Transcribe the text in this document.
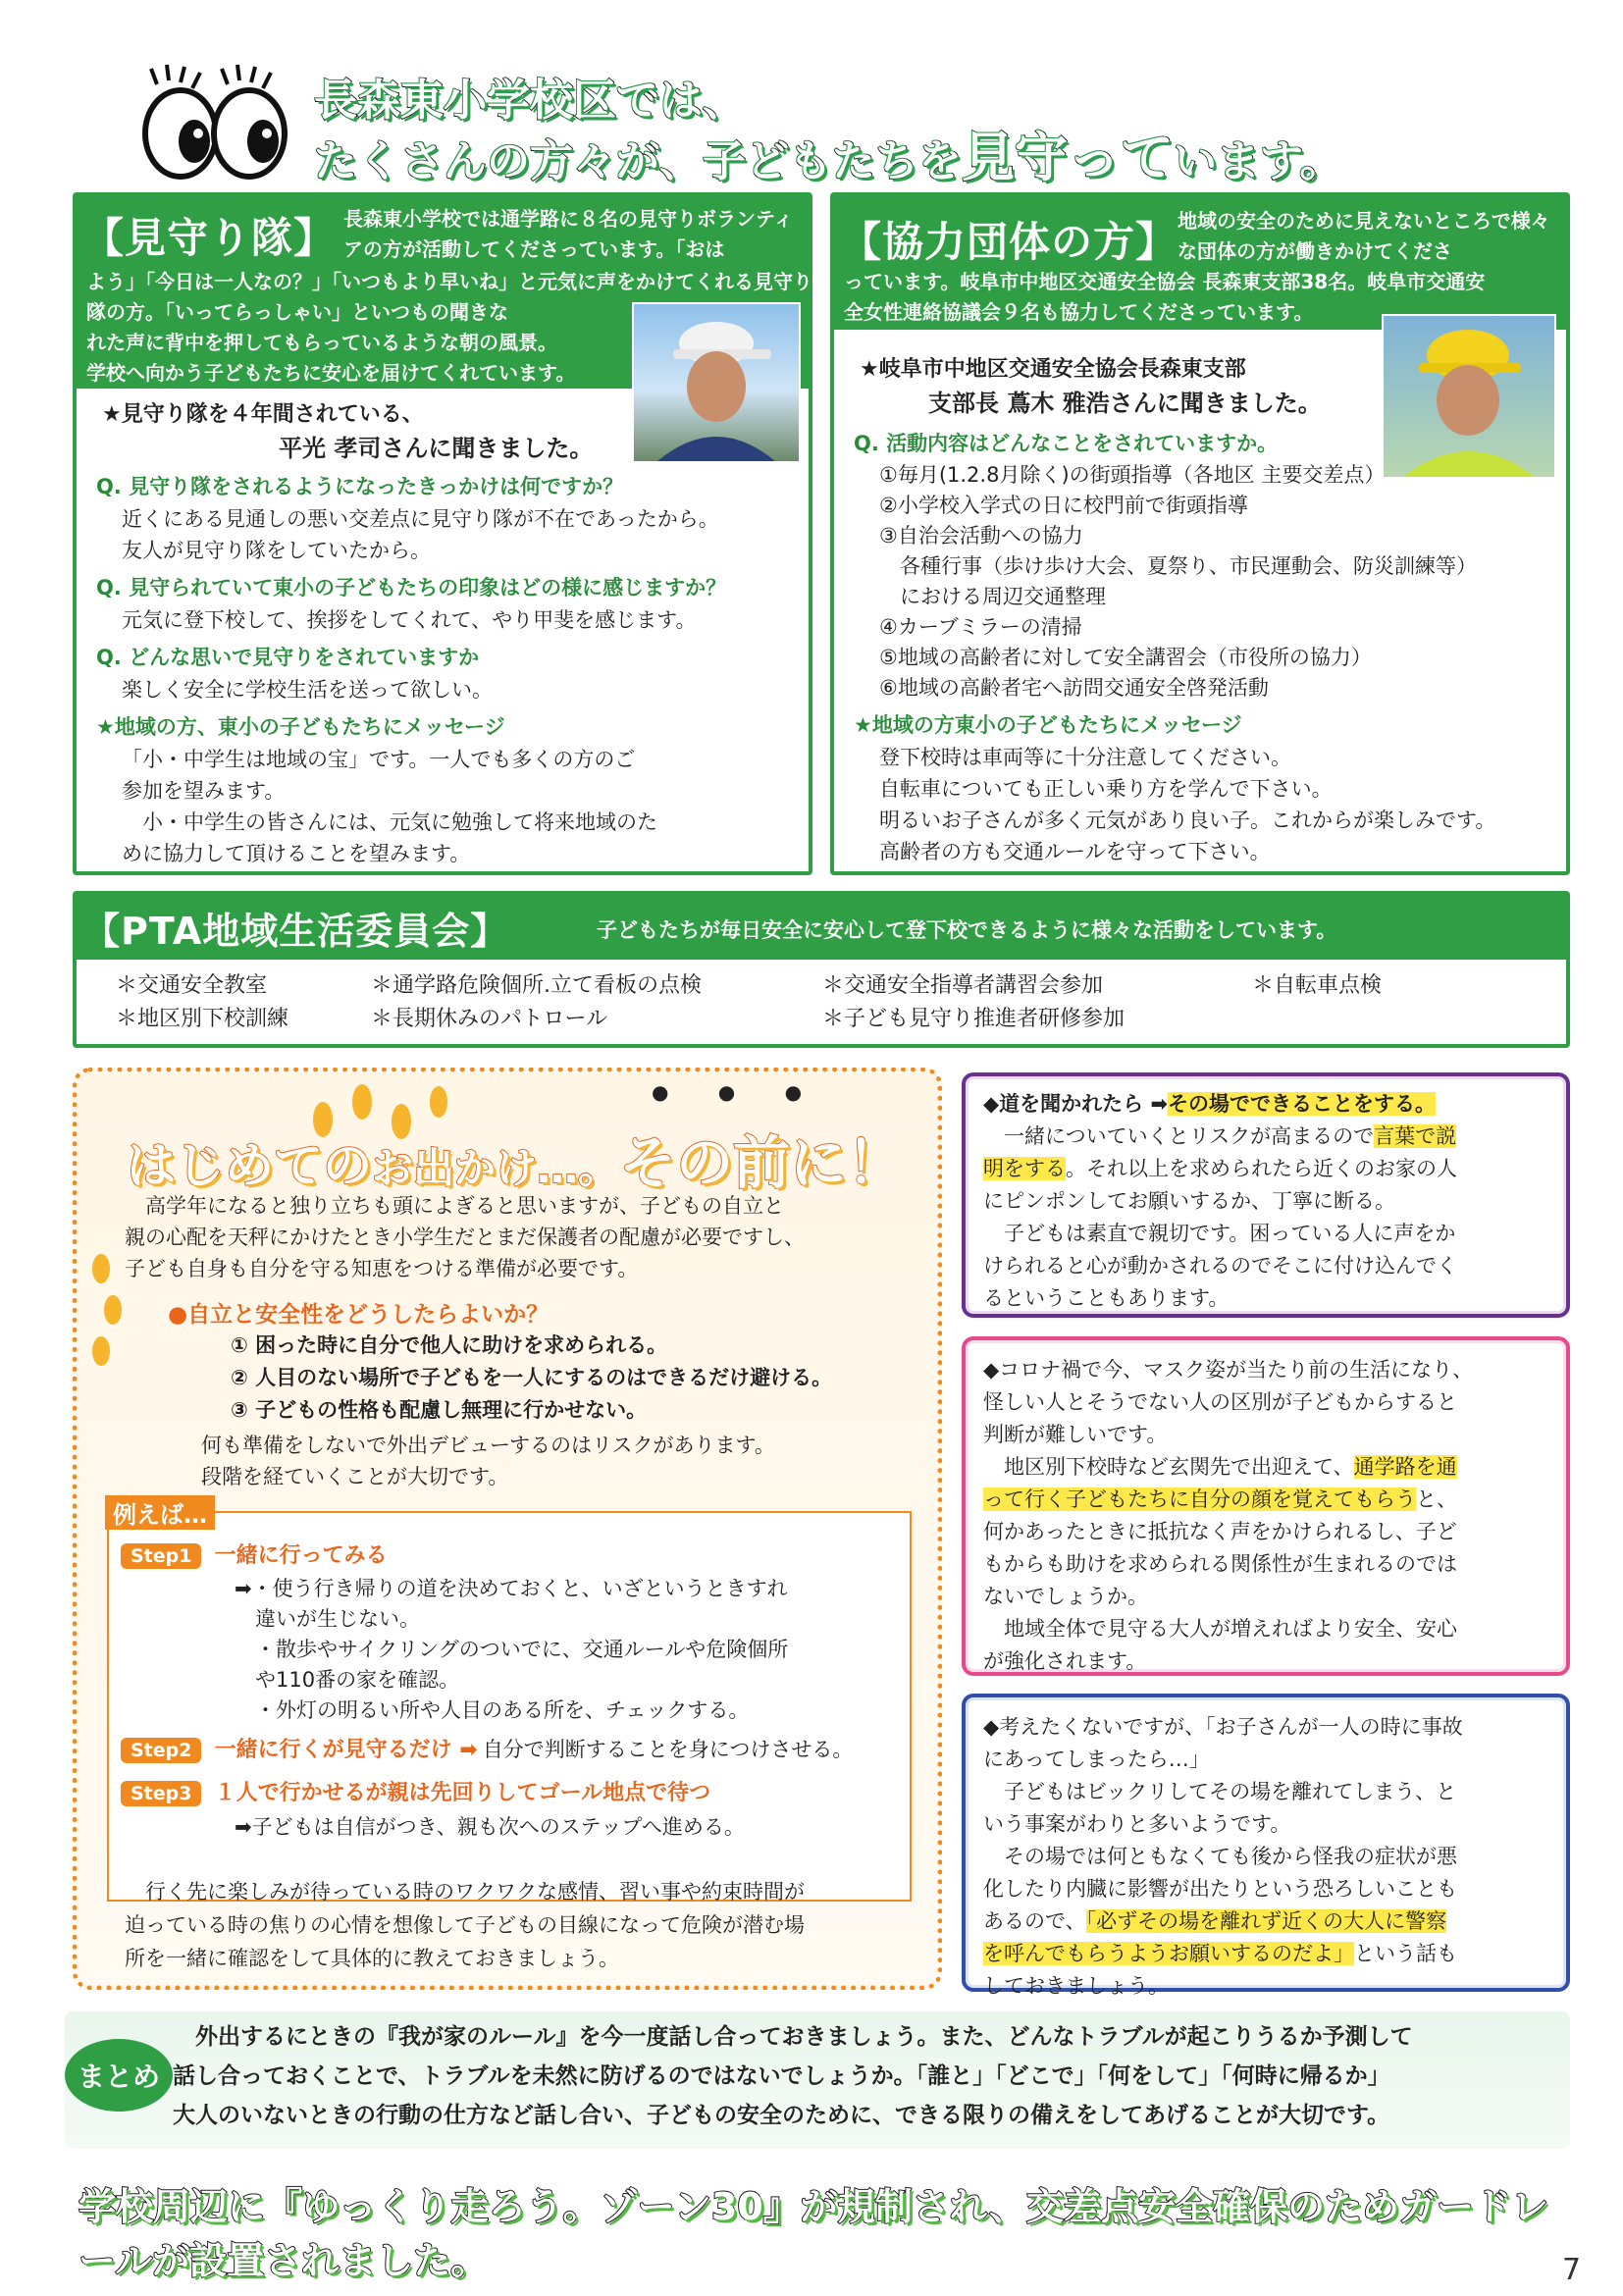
長森東小学校区では、
たくさんの方々が、子どもたちを見守っています。
【見守り隊】 長森東小学校では通学路に８名の見守りボランティアの方が活動してくださっています。「おは
よう」「今日は一人なの？」「いつもより早いね」と元気に声をかけてくれる見守り隊の方。「いってらっしゃい」といつもの聞きな
れた声に背中を押してもらっているような朝の風景。
学校へ向かう子どもたちに安心を届けてくれています。
★見守り隊を４年間されている、
平光 孝司さんに聞きました。
Q. 見守り隊をされるようになったきっかけは何ですか？
近くにある見通しの悪い交差点に見守り隊が不在であったから。
友人が見守り隊をしていたから。
Q. 見守られていて東小の子どもたちの印象はどの様に感じますか？
元気に登下校して、挨拶をしてくれて、やり甲斐を感じます。
Q. どんな思いで見守りをされていますか
楽しく安全に学校生活を送って欲しい。
★地域の方、東小の子どもたちにメッセージ
「小・中学生は地域の宝」です。一人でも多くの方のご
参加を望みます。
　小・中学生の皆さんには、元気に勉強して将来地域のた
めに協力して頂けることを望みます。
【協力団体の方】 地域の安全のために見えないところで様々な団体の方が働きかけてくださ
っています。岐阜市中地区交通安全協会 長森東支部38名。岐阜市交通安
全女性連絡協議会９名も協力してくださっています。
★岐阜市中地区交通安全協会長森東支部
支部長 蔦木 雅浩さんに聞きました。
Q. 活動内容はどんなことをされていますか。
①毎月(1.2.8月除く)の街頭指導（各地区 主要交差点）
②小学校入学式の日に校門前で街頭指導
③自治会活動への協力
　各種行事（歩け歩け大会、夏祭り、市民運動会、防災訓練等）
　における周辺交通整理
④カーブミラーの清掃
⑤地域の高齢者に対して安全講習会（市役所の協力）
⑥地域の高齢者宅へ訪問交通安全啓発活動
★地域の方東小の子どもたちにメッセージ
登下校時は車両等に十分注意してください。
自転車についても正しい乗り方を学んで下さい。
明るいお子さんが多く元気があり良い子。これからが楽しみです。
高齢者の方も交通ルールを守って下さい。
【PTA地域生活委員会】	子どもたちが毎日安全に安心して登下校できるように様々な活動をしています。
＊交通安全教室	＊通学路危険個所.立て看板の点検	＊交通安全指導者講習会参加	＊自転車点検
＊地区別下校訓練	＊長期休みのパトロール	＊子ども見守り推進者研修参加
● ● ●
はじめてのお出かけ…。その前に！
　高学年になると独り立ちも頭によぎると思いますが、子どもの自立と
親の心配を天秤にかけたとき小学生だとまだ保護者の配慮が必要ですし、
子ども自身も自分を守る知恵をつける準備が必要です。
●自立と安全性をどうしたらよいか？
① 困った時に自分で他人に助けを求められる。
② 人目のない場所で子どもを一人にするのはできるだけ避ける。
③ 子どもの性格も配慮し無理に行かせない。
何も準備をしないで外出デビューするのはリスクがあります。
段階を経ていくことが大切です。
例えば…
Step1 一緒に行ってみる
➡・使う行き帰りの道を決めておくと、いざというときすれ
　違いが生じない。
　・散歩やサイクリングのついでに、交通ルールや危険個所
　や110番の家を確認。
　・外灯の明るい所や人目のある所を、チェックする。
Step2 一緒に行くが見守るだけ ➡ 自分で判断することを身につけさせる。
Step3 １人で行かせるが親は先回りしてゴール地点で待つ
➡子どもは自信がつき、親も次へのステップへ進める。
　行く先に楽しみが待っている時のワクワクな感情、習い事や約束時間が
迫っている時の焦りの心情を想像して子どもの目線になって危険が潜む場
所を一緒に確認をして具体的に教えておきましょう。
◆道を聞かれたら ➡その場でできることをする。
　一緒についていくとリスクが高まるので言葉で説
明をする。それ以上を求められたら近くのお家の人
にピンポンしてお願いするか、丁寧に断る。
　子どもは素直で親切です。困っている人に声をか
けられると心が動かされるのでそこに付け込んでく
るということもあります。
◆コロナ禍で今、マスク姿が当たり前の生活になり、
怪しい人とそうでない人の区別が子どもからすると
判断が難しいです。
　地区別下校時など玄関先で出迎えて、通学路を通
って行く子どもたちに自分の顔を覚えてもらうと、
何かあったときに抵抗なく声をかけられるし、子ど
もからも助けを求められる関係性が生まれるのでは
ないでしょうか。
　地域全体で見守る大人が増えればより安全、安心
が強化されます。
◆考えたくないですが、「お子さんが一人の時に事故
にあってしまったら…」
　子どもはビックリしてその場を離れてしまう、と
いう事案がわりと多いようです。
　その場では何ともなくても後から怪我の症状が悪
化したり内臓に影響が出たりという恐ろしいことも
あるので、「必ずその場を離れず近くの大人に警察
を呼んでもらうようお願いするのだよ」という話も
しておきましょう。
まとめ
　外出するにときの『我が家のルール』を今一度話し合っておきましょう。また、どんなトラブルが起こりうるか予測して
話し合っておくことで、トラブルを未然に防げるのではないでしょうか。「誰と」「どこで」「何をして」「何時に帰るか」
大人のいないときの行動の仕方など話し合い、子どもの安全のために、できる限りの備えをしてあげることが大切です。
学校周辺に『ゆっくり走ろう。ゾーン30』が規制され、交差点安全確保のためガードレールが設置されました。	7
